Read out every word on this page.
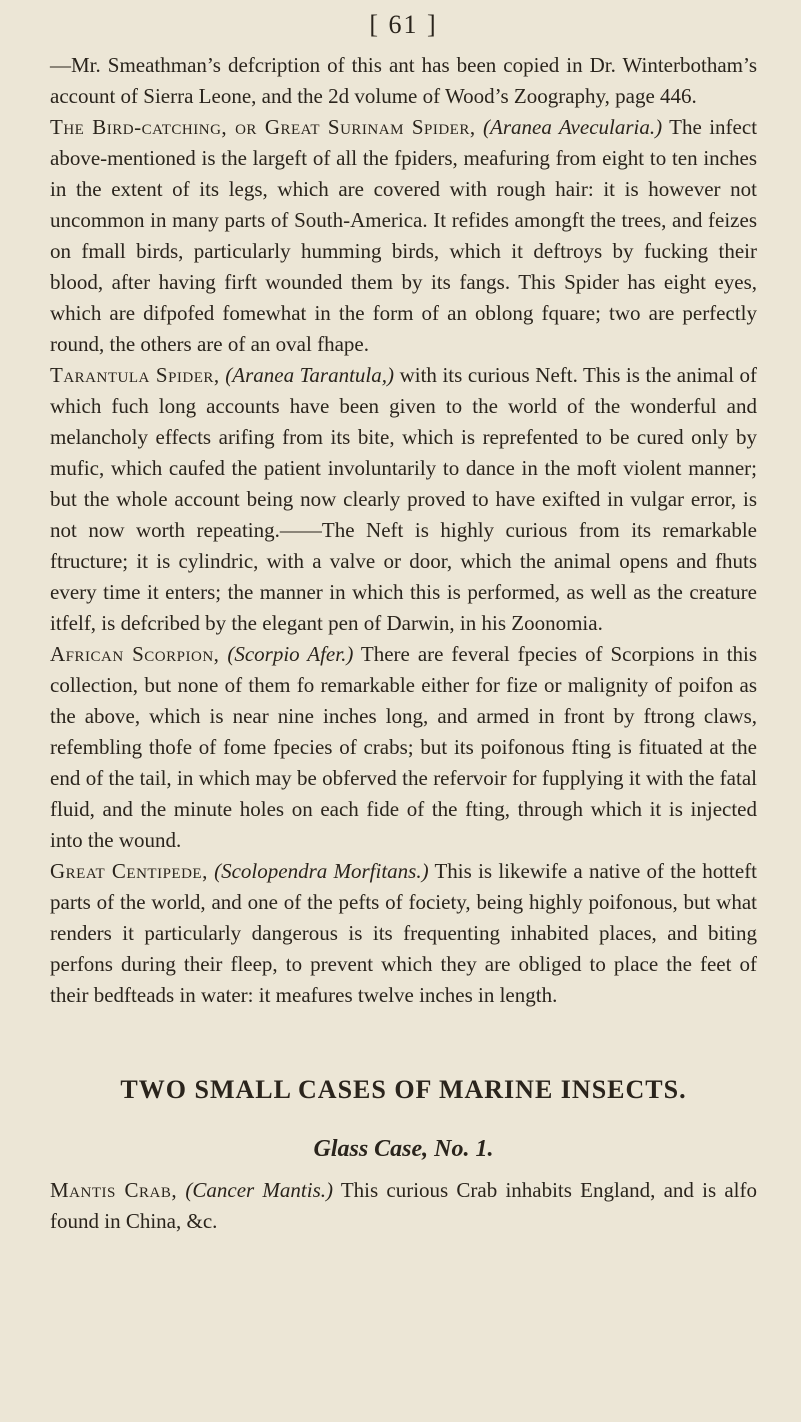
[ 61 ]

—Mr. Smeathman’s defcription of this ant has been copied in Dr. Winterbotham’s account of Sierra Leone, and the 2d volume of Wood’s Zoography, page 446.

The Bird-catching, or Great Surinam Spider, (Aranea Avecularia.) The infect above-mentioned is the largeft of all the fpiders, meafuring from eight to ten inches in the extent of its legs, which are covered with rough hair: it is however not uncommon in many parts of South-America. It refides amongft the trees, and feizes on fmall birds, particularly humming birds, which it deftroys by fucking their blood, after having firft wounded them by its fangs. This Spider has eight eyes, which are difpofed fomewhat in the form of an oblong fquare; two are perfectly round, the others are of an oval fhape.

Tarantula Spider, (Aranea Tarantula,) with its curious Neft. This is the animal of which fuch long accounts have been given to the world of the wonderful and melancholy effects arifing from its bite, which is reprefented to be cured only by mufic, which caufed the patient involuntarily to dance in the moft violent manner; but the whole account being now clearly proved to have exifted in vulgar error, is not now worth repeating.——The Neft is highly curious from its remarkable ftructure; it is cylindric, with a valve or door, which the animal opens and fhuts every time it enters; the manner in which this is performed, as well as the creature itfelf, is defcribed by the elegant pen of Darwin, in his Zoonomia.

African Scorpion, (Scorpio Afer.) There are feveral fpecies of Scorpions in this collection, but none of them fo remarkable either for fize or malignity of poifon as the above, which is near nine inches long, and armed in front by ftrong claws, refembling thofe of fome fpecies of crabs; but its poifonous fting is fituated at the end of the tail, in which may be obferved the refervoir for fupplying it with the fatal fluid, and the minute holes on each fide of the fting, through which it is injected into the wound.

Great Centipede, (Scolopendra Morfitans.) This is likewife a native of the hotteft parts of the world, and one of the pefts of fociety, being highly poifonous, but what renders it particularly dangerous is its frequenting inhabited places, and biting perfons during their fleep, to prevent which they are obliged to place the feet of their bedfteads in water: it meafures twelve inches in length.

TWO SMALL CASES OF MARINE INSECTS.
Glass Case, No. 1.

Mantis Crab, (Cancer Mantis.) This curious Crab inhabits England, and is alfo found in China, &c.
